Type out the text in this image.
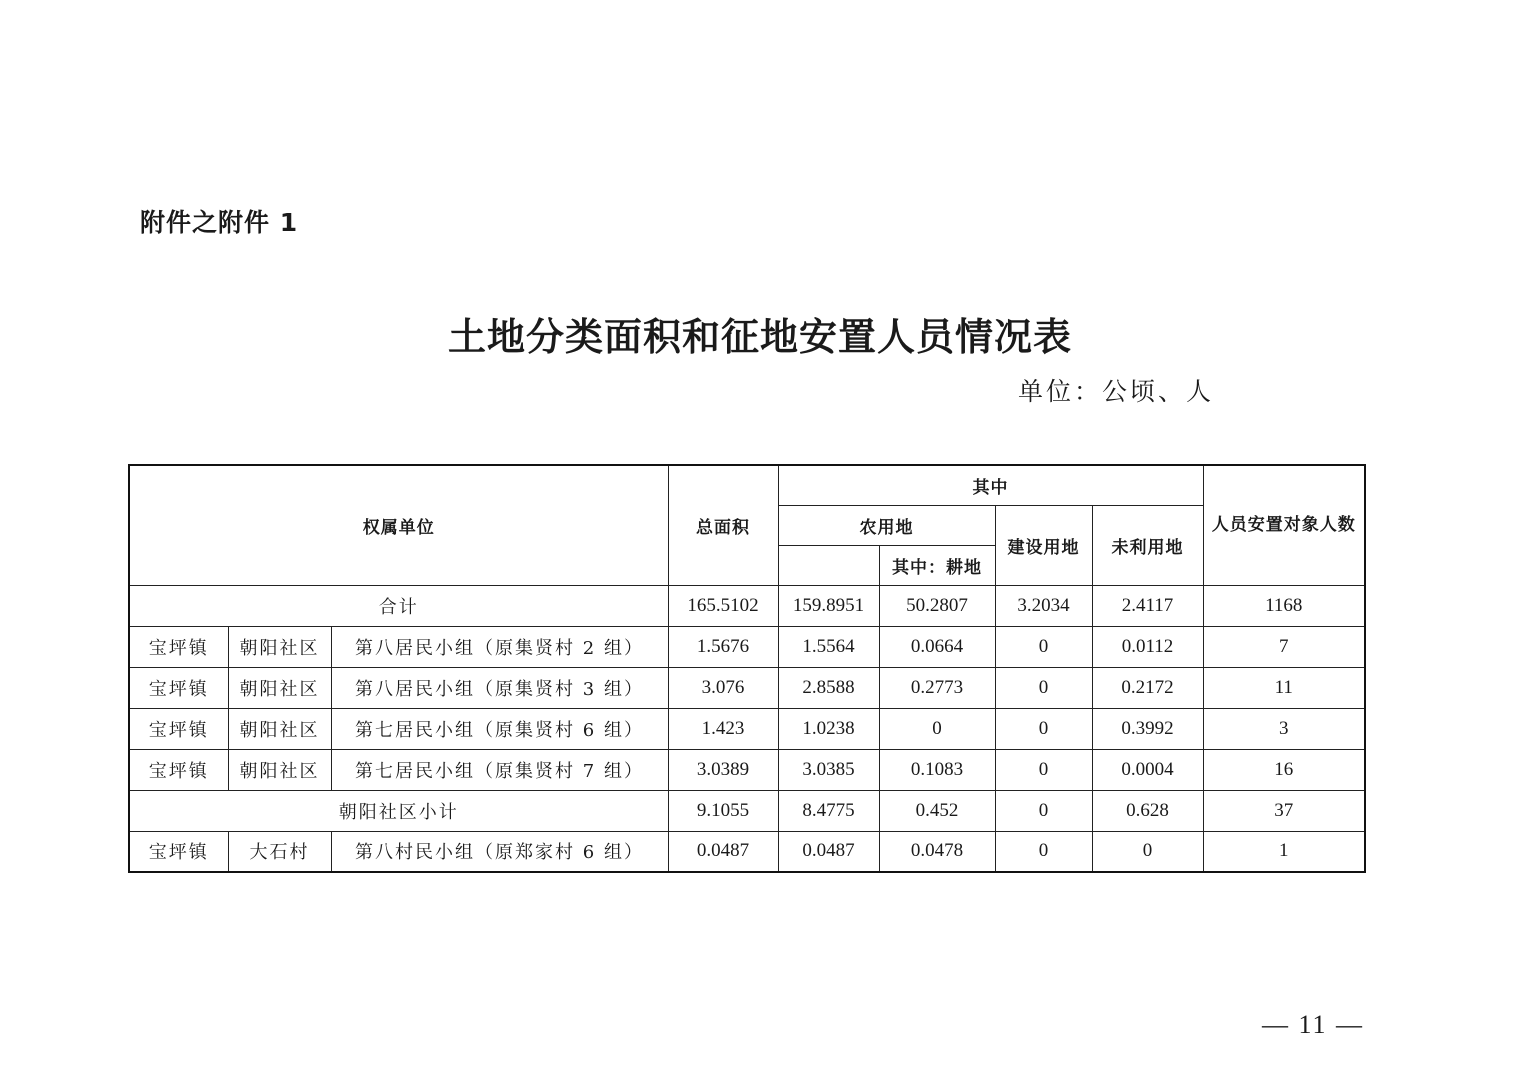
附件之附件 1
土地分类面积和征地安置人员情况表
单位：公顷、人
权属单位			总面积	其中				人员安置对象人数
				农用地		建设用地	未利用地	
					其中：耕地			
合计			165.5102	159.8951	50.2807	3.2034	2.4117	1168
宝坪镇	朝阳社区	第八居民小组（原集贤村 2 组）	1.5676	1.5564	0.0664	0	0.0112	7
宝坪镇	朝阳社区	第八居民小组（原集贤村 3 组）	3.076	2.8588	0.2773	0	0.2172	11
宝坪镇	朝阳社区	第七居民小组（原集贤村 6 组）	1.423	1.0238	0	0	0.3992	3
宝坪镇	朝阳社区	第七居民小组（原集贤村 7 组）	3.0389	3.0385	0.1083	0	0.0004	16
朝阳社区小计			9.1055	8.4775	0.452	0	0.628	37
宝坪镇	大石村	第八村民小组（原郑家村 6 组）	0.0487	0.0487	0.0478	0	0	1
— 11 —
